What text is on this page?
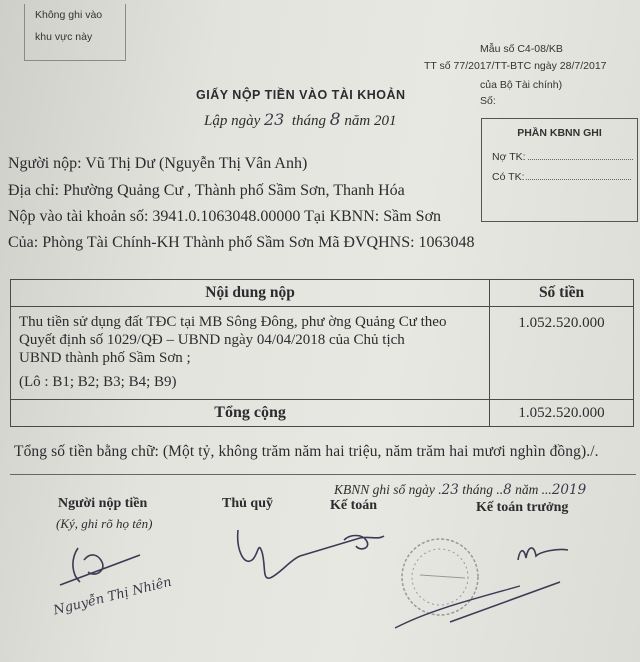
Không ghi vào
khu vực này
Mẫu số C4-08/KB
TT số 77/2017/TT-BTC ngày 28/7/2017
của Bộ Tài chính)
Số:
GIẤY NỘP TIỀN VÀO TÀI KHOẢN
Lập ngày 23 tháng 8 năm 201
PHẦN KBNN GHI
Nợ TK:
Có TK:
Người nộp: Vũ Thị Dư (Nguyễn Thị Vân Anh)
Địa chỉ: Phường Quảng Cư , Thành phố Sầm Sơn, Thanh Hóa
Nộp vào tài khoản số: 3941.0.1063048.00000 Tại KBNN: Sầm Sơn
Của: Phòng Tài Chính-KH Thành phố Sầm Sơn Mã ĐVQHNS: 1063048
Nội dung nộp	Số tiền

Thu tiền sử dụng đất TĐC tại MB Sông Đông, phư ờng Quảng Cư theo
Quyết định số 1029/QĐ – UBND ngày 04/04/2018 của Chủ tịch
UBND thành phố Sầm Sơn ;
(Lô : B1; B2; B3; B4; B9)	1.052.520.000
Tổng cộng	1.052.520.000
Tổng số tiền bằng chữ: (Một tỷ, không trăm năm hai triệu, năm trăm hai mươi nghìn đồng)./.
KBNN ghi sổ ngày .23 tháng ..8 năm ...2019
Người nộp tiền
(Ký, ghi rõ họ tên)
Thủ quỹ	Kế toán	Kế toán trưởng
Nguyễn Thị Nhiên
